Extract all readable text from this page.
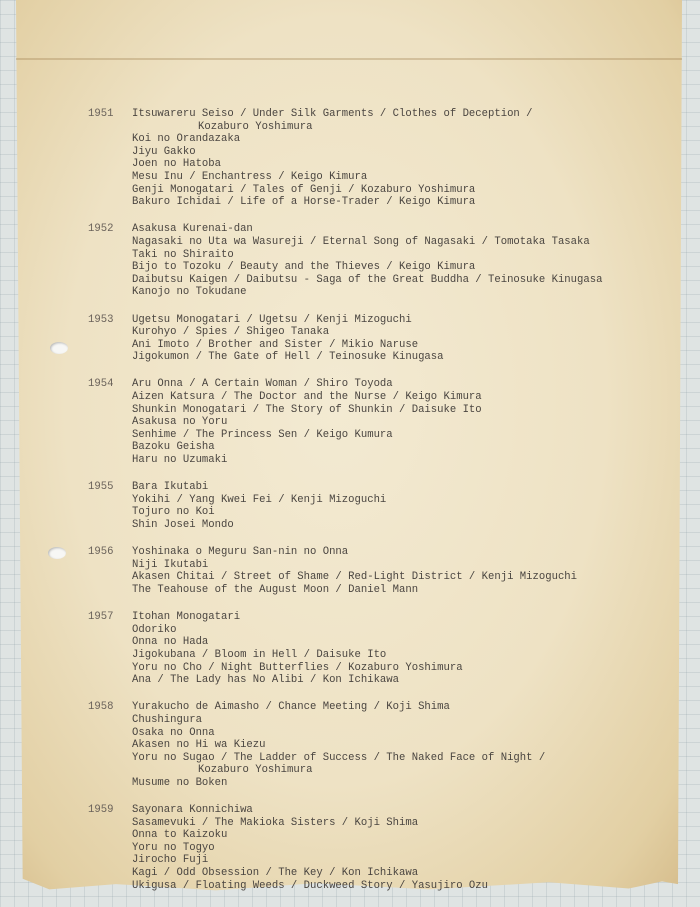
1951 Itsuwareru Seiso / Under Silk Garments / Clothes of Deception /
Kozaburo Yoshimura
Koi no Orandazaka
Jiyu Gakko
Joen no Hatoba
Mesu Inu / Enchantress / Keigo Kimura
Genji Monogatari / Tales of Genji / Kozaburo Yoshimura
Bakuro Ichidai / Life of a Horse-Trader / Keigo Kimura
1952 Asakusa Kurenai-dan
Nagasaki no Uta wa Wasureji / Eternal Song of Nagasaki / Tomotaka Tasaka
Taki no Shiraito
Bijo to Tozoku / Beauty and the Thieves / Keigo Kimura
Daibutsu Kaigen / Daibutsu - Saga of the Great Buddha / Teinosuke Kinugasa
Kanojo no Tokudane
1953 Ugetsu Monogatari / Ugetsu / Kenji Mizoguchi
Kurohyo / Spies / Shigeo Tanaka
Ani Imoto / Brother and Sister / Mikio Naruse
Jigokumon / The Gate of Hell / Teinosuke Kinugasa
1954 Aru Onna / A Certain Woman / Shiro Toyoda
Aizen Katsura / The Doctor and the Nurse / Keigo Kimura
Shunkin Monogatari / The Story of Shunkin / Daisuke Ito
Asakusa no Yoru
Senhime / The Princess Sen / Keigo Kumura
Bazoku Geisha
Haru no Uzumaki
1955 Bara Ikutabi
Yokihi / Yang Kwei Fei / Kenji Mizoguchi
Tojuro no Koi
Shin Josei Mondo
1956 Yoshinaka o Meguru San-nin no Onna
Niji Ikutabi
Akasen Chitai / Street of Shame / Red-Light District / Kenji Mizoguchi
The Teahouse of the August Moon / Daniel Mann
1957 Itohan Monogatari
Odoriko
Onna no Hada
Jigokubana / Bloom in Hell / Daisuke Ito
Yoru no Cho / Night Butterflies / Kozaburo Yoshimura
Ana / The Lady has No Alibi / Kon Ichikawa
1958 Yurakucho de Aimasho / Chance Meeting / Koji Shima
Chushingura
Osaka no Onna
Akasen no Hi wa Kiezu
Yoru no Sugao / The Ladder of Success / The Naked Face of Night /
Kozaburo Yoshimura
Musume no Boken
1959 Sayonara Konnichiwa
Sasamevuki / The Makioka Sisters / Koji Shima
Onna to Kaizoku
Yoru no Togyo
Jirocho Fuji
Kagi / Odd Obsession / The Key / Kon Ichikawa
Ukigusa / Floating Weeds / Duckweed Story / Yasujiro Ozu
